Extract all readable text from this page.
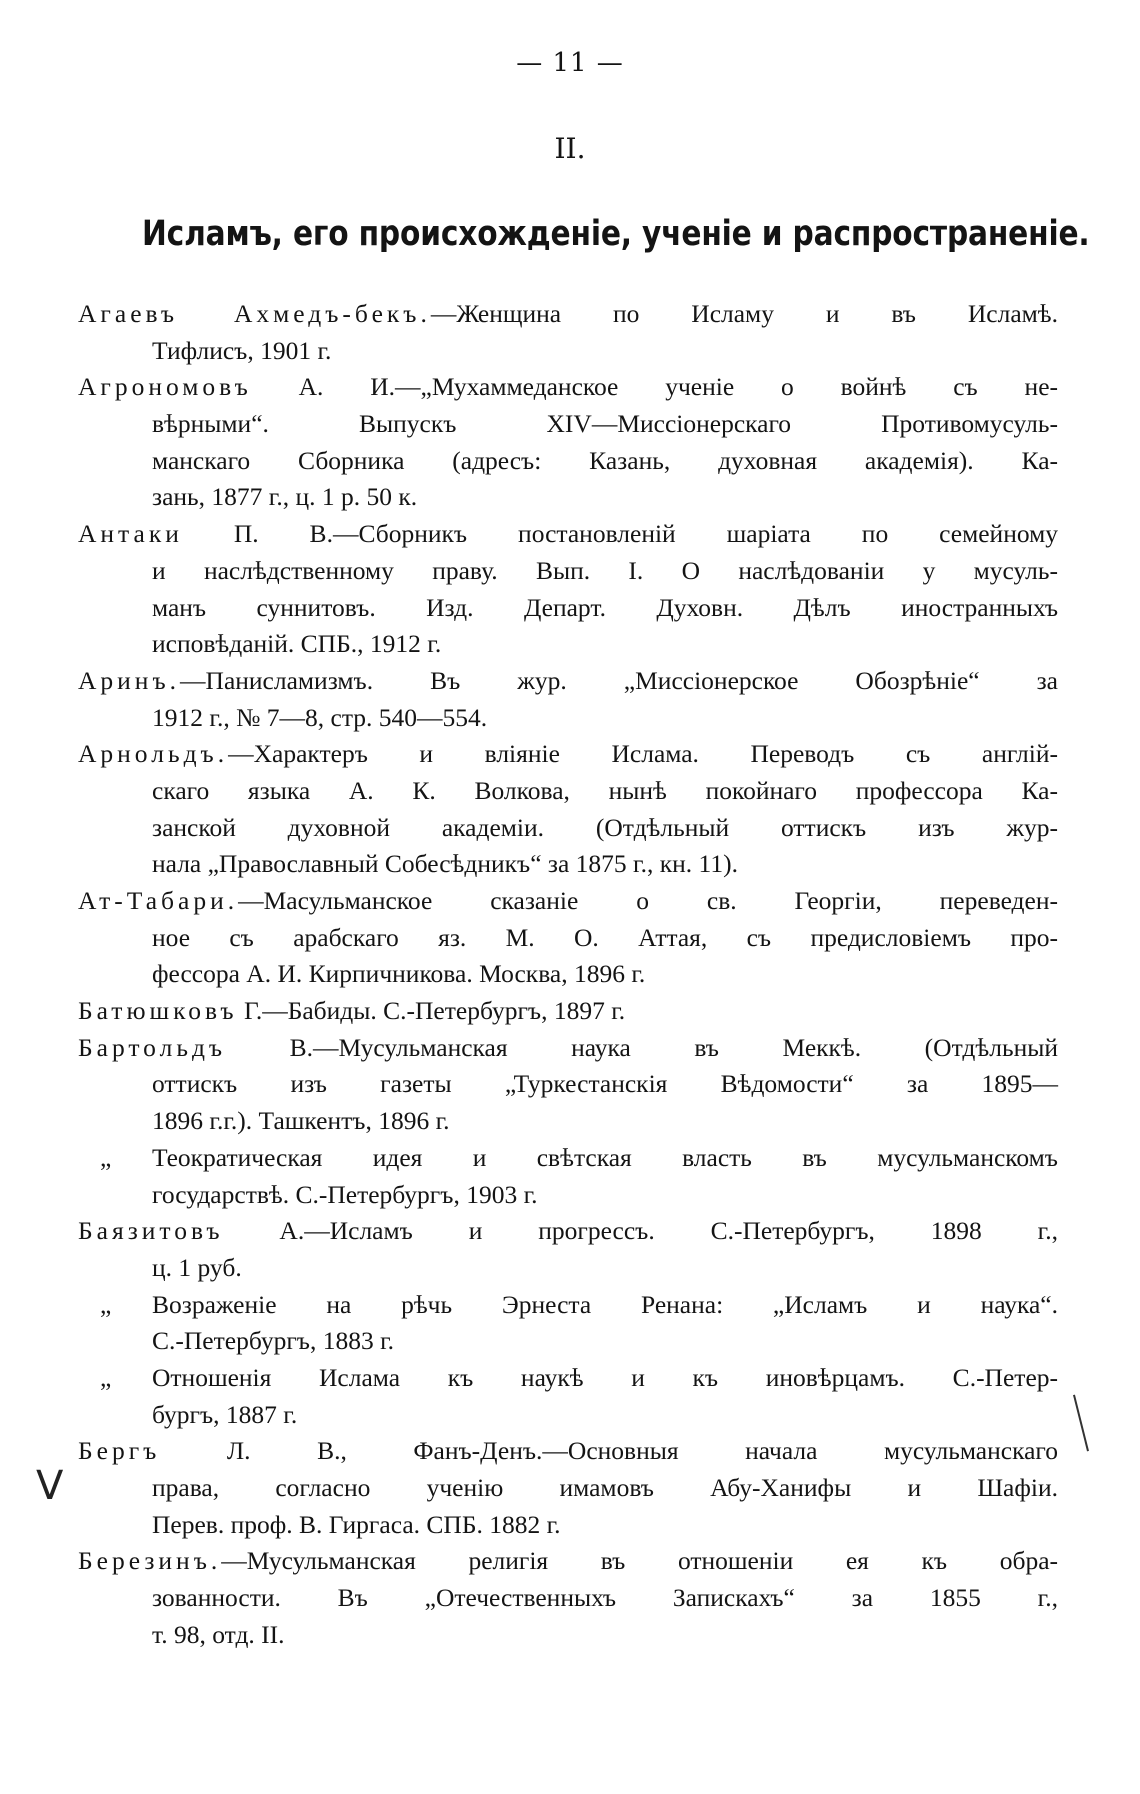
— 11 —
II.
Исламъ, его происхожденіе, ученіе и распространеніе.
Агаевъ Ахмедъ-бекъ.—Женщина по Исламу и въ Исламѣ.
Тифлисъ, 1901 г.
Агрономовъ А. И.—„Мухаммеданское ученіе о войнѣ съ не-
вѣрными“. Выпускъ XIV—Миссіонерскаго Противомусуль-
манскаго Сборника (адресъ: Казань, духовная академія). Ка-
зань, 1877 г., ц. 1 р. 50 к.
Антаки П. В.—Сборникъ постановленій шаріата по семейному
и наслѣдственному праву. Вып. I. О наслѣдованіи у мусуль-
манъ суннитовъ. Изд. Департ. Духовн. Дѣлъ иностранныхъ
исповѣданій. СПБ., 1912 г.
Аринъ.—Панисламизмъ. Въ жур. „Миссіонерское Обозрѣніе“ за
1912 г., № 7—8, стр. 540—554.
Арнольдъ.—Характеръ и вліяніе Ислама. Переводъ съ англій-
скаго языка А. К. Волкова, нынѣ покойнаго профессора Ка-
занской духовной академіи. (Отдѣльный оттискъ изъ жур-
нала „Православный Собесѣдникъ“ за 1875 г., кн. 11).
Ат-Табари.—Масульманское сказаніе о св. Георгіи, переведен-
ное съ арабскаго яз. М. О. Аттая, съ предисловіемъ про-
фессора А. И. Кирпичникова. Москва, 1896 г.
Батюшковъ Г.—Бабиды. С.-Петербургъ, 1897 г.
Бартольдъ В.—Мусульманская наука въ Меккѣ. (Отдѣльный
оттискъ изъ газеты „Туркестанскія Вѣдомости“ за 1895—
1896 г.г.). Ташкентъ, 1896 г.
„ Теократическая идея и свѣтская власть въ мусульманскомъ
государствѣ. С.-Петербургъ, 1903 г.
Баязитовъ А.—Исламъ и прогрессъ. С.-Петербургъ, 1898 г.,
ц. 1 руб.
„ Возраженіе на рѣчь Эрнеста Ренана: „Исламъ и наука“.
С.-Петербургъ, 1883 г.
„ Отношенія Ислама къ наукѣ и къ иновѣрцамъ. С.-Петер-
бургъ, 1887 г.
Бергъ Л. В., Фанъ-Денъ.—Основныя начала мусульманскаго
права, согласно ученію имамовъ Абу-Ханифы и Шафіи.
Перев. проф. В. Гиргаса. СПБ. 1882 г.
Березинъ.—Мусульманская религія въ отношеніи ея къ обра-
зованности. Въ „Отечественныхъ Запискахъ“ за 1855 г.,
т. 98, отд. II.
V
